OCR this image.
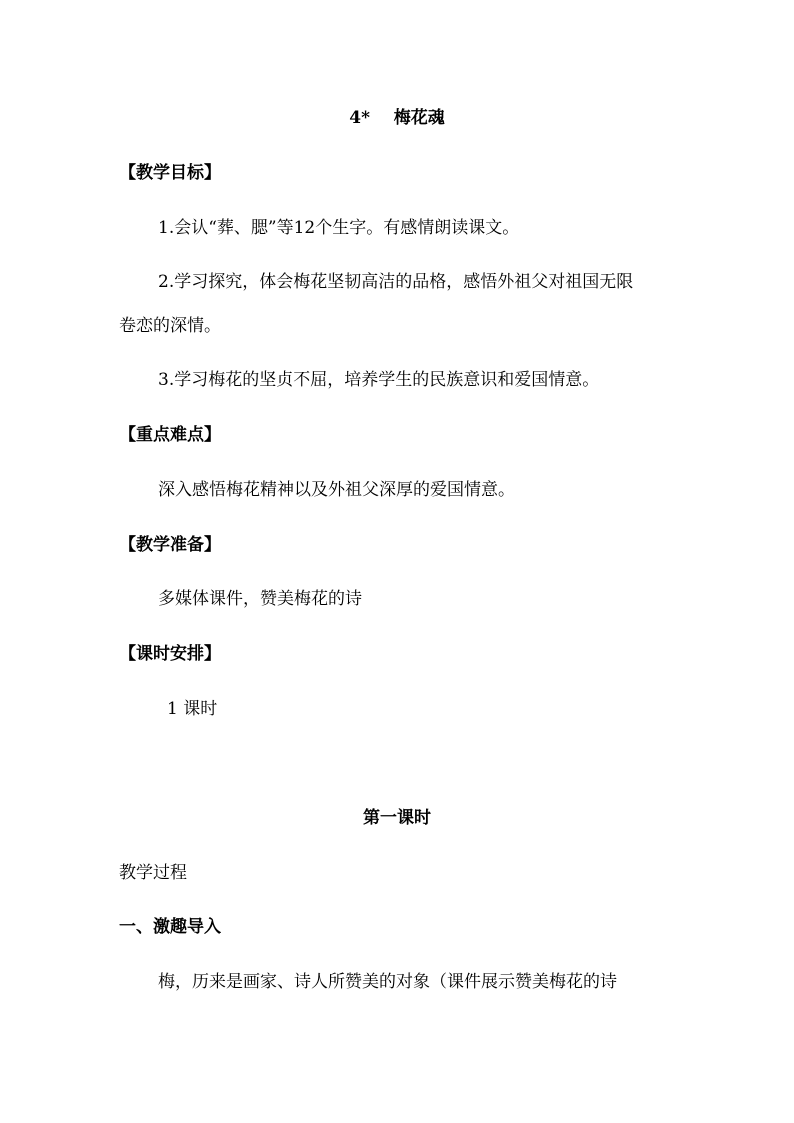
4* 梅花魂
【教学目标】
1.会认“葬、腮”等12个生字。有感情朗读课文。
2.学习探究，体会梅花坚韧高洁的品格，感悟外祖父对祖国无限
卷恋的深情。
3.学习梅花的坚贞不屈，培养学生的民族意识和爱国情意。
【重点难点】
深入感悟梅花精神以及外祖父深厚的爱国情意。
【教学准备】
多媒体课件，赞美梅花的诗
【课时安排】
1 课时
第一课时
教学过程
一、激趣导入
梅，历来是画家、诗人所赞美的对象（课件展示赞美梅花的诗
